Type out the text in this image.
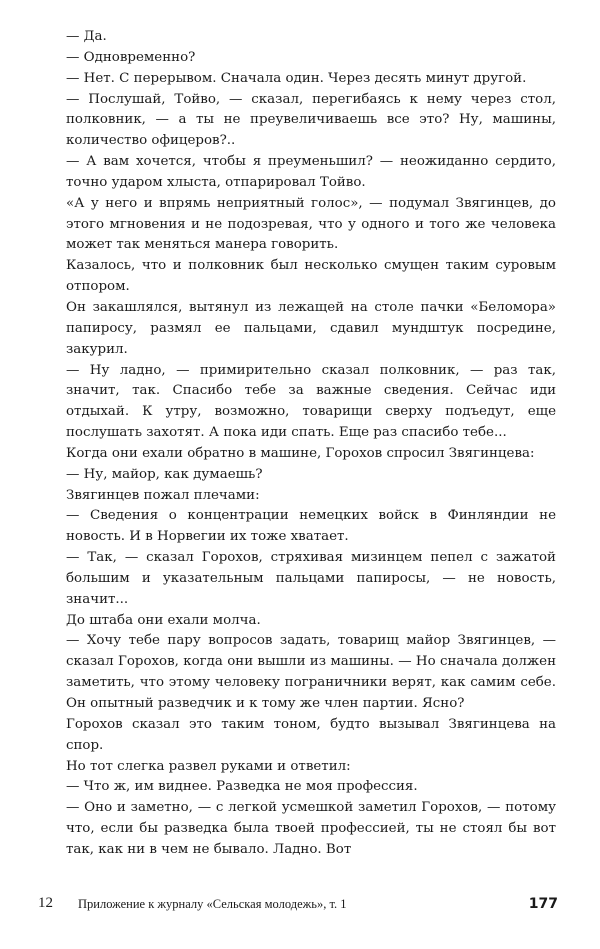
— Да.

— Одновременно?

— Нет. С перерывом. Сначала один. Через десять минут другой.

— Послушай, Тойво, — сказал, перегибаясь к нему через стол, полковник, — а ты не преувеличиваешь все это? Ну, машины, количество офицеров?..

— А вам хочется, чтобы я преуменьшил? — неожиданно сердито, точно ударом хлыста, отпарировал Тойво.

«А у него и впрямь неприятный голос», — подумал Звягинцев, до этого мгновения и не подозревая, что у одного и того же человека может так меняться манера говорить.

Казалось, что и полковник был несколько смущен таким суровым отпором.

Он закашлялся, вытянул из лежащей на столе пачки «Беломора» папиросу, размял ее пальцами, сдавил мундштук посредине, закурил.

— Ну ладно, — примирительно сказал полковник, — раз так, значит, так. Спасибо тебе за важные сведения. Сейчас иди отдыхай. К утру, возможно, товарищи сверху подъедут, еще послушать захотят. А пока иди спать. Еще раз спасибо тебе...

Когда они ехали обратно в машине, Горохов спросил Звягинцева:

— Ну, майор, как думаешь?

Звягинцев пожал плечами:

— Сведения о концентрации немецких войск в Финляндии не новость. И в Норвегии их тоже хватает.

— Так, — сказал Горохов, стряхивая мизинцем пепел с зажатой большим и указательным пальцами папиросы, — не новость, значит...

До штаба они ехали молча.

— Хочу тебе пару вопросов задать, товарищ майор Звягинцев, — сказал Горохов, когда они вышли из машины. — Но сначала должен заметить, что этому человеку пограничники верят, как самим себе. Он опытный разведчик и к тому же член партии. Ясно?

Горохов сказал это таким тоном, будто вызывал Звягинцева на спор.

Но тот слегка развел руками и ответил:

— Что ж, им виднее. Разведка не моя профессия.

— Оно и заметно, — с легкой усмешкой заметил Горохов, — потому что, если бы разведка была твоей профессией, ты не стоял бы вот так, как ни в чем не бывало. Ладно. Вот

12 Приложение к журналу «Сельская молодежь», т. 1	177
